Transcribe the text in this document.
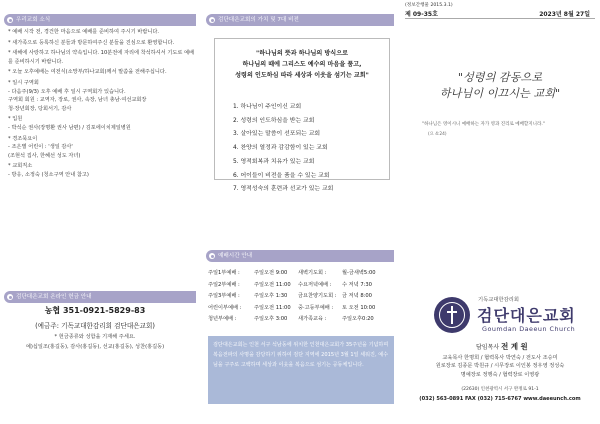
우리교회 소식
* 예배 시작 전, 경건한 마음으로 예배를 준비하여 주시기 바랍니다.
* 새가족으로 등록하신 분들과 방문하여주신 분들을 진심으로 환영합니다.
* 새해에 사랑하고 하나님의 약속입니다. 10분전에 자리에 착석하셔서 기도로 예배를 준비하시기 바랍니다.
* 오늘 오후예배는 여전식(소망부/하나교회)께서 말씀을 전해주십니다.
* 일시 구역회
- 다음주(9/3) 오후 예배 후 일시 구역회가 있습니다.
구역회 회원 : 교역자, 장로, 권사, 속장, 남녀 총남·여선교회장
청·장년회장, 당회서기, 감사
* 입원
- 박석순 권사(장명환 권사 남편) / 김포에이치제일병원
* 경조묵요이
- 조은별 어린이 : '생일 감사'
(조현석 집사, 한혜선 성도 자녀)
* 교회직소
- 방응, 소정숙 (청소구역 안내 참고)
검단대은교회 온라인 헌금 안내
농협 351-0921-5829-83
(예금주: 기독교대한감리회 검단대은교회)
* 헌금종류와 성함을 기재해 주세요.
예)십일조(홍길동), 감사(홍길동), 선교(홍길동), 성찬(홍길동)
검단대은교회의 가치 및 7대 비전
"하나님의 뜻과 하나님의 방식으로
하나님의 때에 그리스도 예수의 마음을 품고,
성령의 인도하심 따라 세상과 이웃을 섬기는 교회"
1. 하나님이 주인이신 교회
2. 성령의 인도하심을 받는 교회
3. 살아있는 말씀이 선포되는 교회
4. 찬양의 열정과 감감함이 있는 교회
5. 영적회복과 치유가 있는 교회
6. 어이들이 비전을 품을 수 있는 교회
7. 영적성숙의 훈련과 선교가 있는 교회
예배시간 안내
주일1부예배 :	주일오전 9:00	새벽기도회 :	월-금새벽5:00
주일2부예배 :	주일오전 11:00	수요저녁예배 :	수 저녁 7:30
주일3부예배 :	주일오후 1:30	금요찬양기도회 :	금 저녁 8:00
어린이부예배 :	주일오전 11:00	중·고등부예배 :	토 오전 10:00
청년부예배 :	주일오후 3:00	새가족교육 :	주일오후0:20
검단대은교회는 인천 서구 석남동에 위치한 인천대은교회가 35주년을 기념하며 복음전파의 사명을 감당하기 위하여 검단 지역에 2015년 3월 1일 세워진, 예수님을 구주로 고백하며 세상과 이웃을 복음으로 섬기는 공동체입니다.
(정보간행물 2015.3.1)
제 09-35호	2023년 8월 27일
"성령의 감동으로
하나님이 이끄시는 교회"
"하나님은 영이시니 예배하는 자가 영과 진리로 예배할지니라."
(요 4:24)
기독교대한감리회
검단대은교회
Goumdan Daeeun Church
담임목사 전 계 원
교육목사 한명희 / 협력목사 박연숙 / 전도사 조승미
원로장로 김종문 박원규 / 시무장로 이인봉 정우영 정성숙
명예장로 정행숙 / 협력장로 이영광
(22630) 인천광역시 서구 완정로 91-1
(032) 563-0891 FAX (032) 715-6767 www.daeeunch.com
